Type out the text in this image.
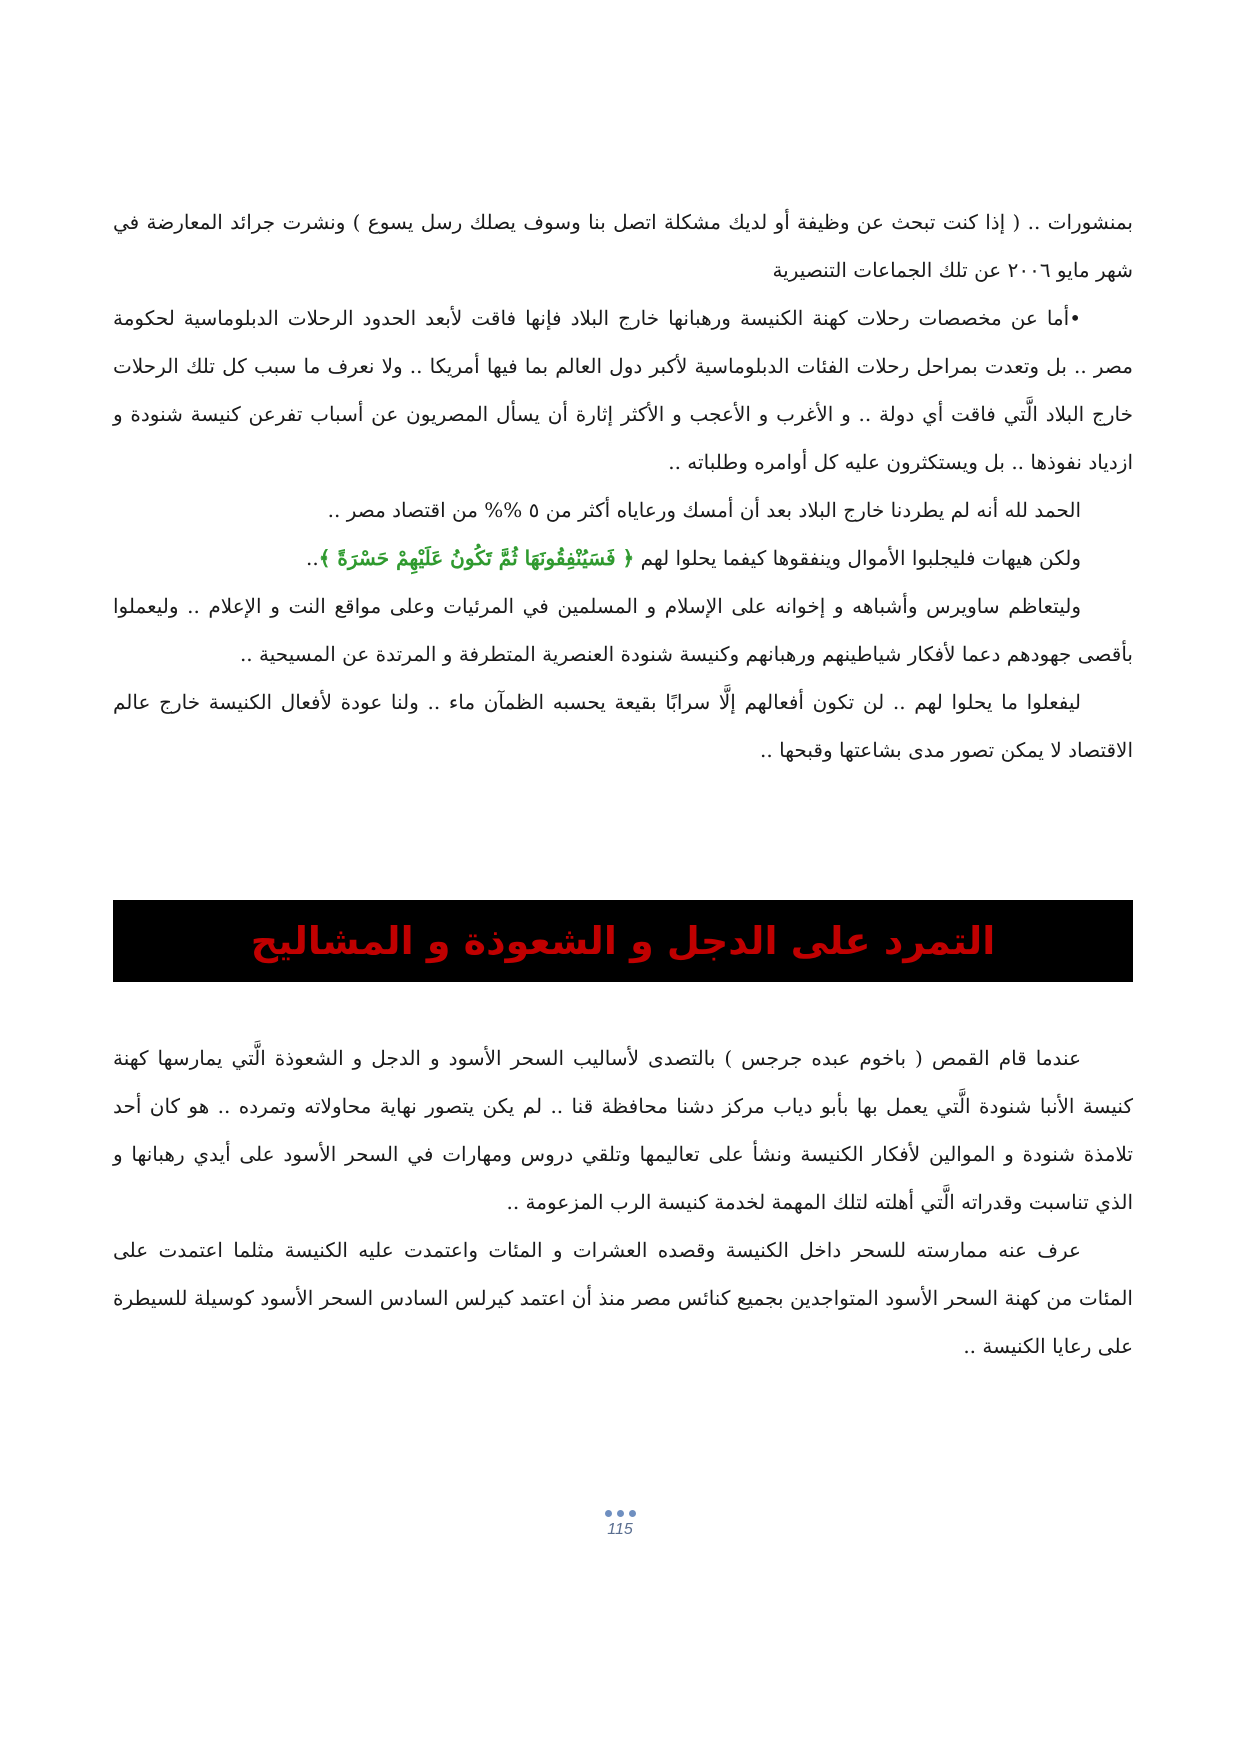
بمنشورات .. ( إذا كنت تبحث عن وظيفة أو لديك مشكلة اتصل بنا وسوف يصلك رسل يسوع ) ونشرت جرائد المعارضة في شهر مايو ٢٠٠٦ عن تلك الجماعات التنصيرية

•أما عن مخصصات رحلات كهنة الكنيسة ورهبانها خارج البلاد فإنها فاقت لأبعد الحدود الرحلات الدبلوماسية لحكومة مصر .. بل وتعدت بمراحل رحلات الفئات الدبلوماسية لأكبر دول العالم بما فيها أمريكا .. ولا نعرف ما سبب كل تلك الرحلات خارج البلاد الَّتي فاقت أي دولة .. و الأغرب و الأعجب و الأكثر إثارة أن يسأل المصريون عن أسباب تفرعن كنيسة شنودة و ازدياد نفوذها .. بل ويستكثرون عليه كل أوامره وطلباته ..

الحمد لله أنه لم يطردنا خارج البلاد بعد أن أمسك ورعاياه أكثر من ٥ %% من اقتصاد مصر ..

ولكن هيهات فليجلبوا الأموال وينفقوها كيفما يحلوا لهم ﴿ فَسَيُنْفِقُونَهَا ثُمَّ تَكُونُ عَلَيْهِمْ حَسْرَةً ﴾..

وليتعاظم ساويرس وأشباهه و إخوانه على الإسلام و المسلمين في المرئيات وعلى مواقع النت و الإعلام .. وليعملوا بأقصى جهودهم دعما لأفكار شياطينهم ورهبانهم وكنيسة شنودة العنصرية المتطرفة و المرتدة عن المسيحية ..

ليفعلوا ما يحلوا لهم .. لن تكون أفعالهم إلَّا سرابًا بقيعة يحسبه الظمآن ماء .. ولنا عودة لأفعال الكنيسة خارج عالم الاقتصاد لا يمكن تصور مدى بشاعتها وقبحها ..

التمرد على الدجل و الشعوذة و المشاليح

عندما قام القمص ( باخوم عبده جرجس ) بالتصدى لأساليب السحر الأسود و الدجل و الشعوذة الَّتي يمارسها كهنة كنيسة الأنبا شنودة الَّتي يعمل بها بأبو دياب مركز دشنا محافظة قنا .. لم يكن يتصور نهاية محاولاته وتمرده .. هو كان أحد تلامذة شنودة و الموالين لأفكار الكنيسة ونشأ على تعاليمها وتلقي دروس ومهارات في السحر الأسود على أيدي رهبانها و الذي تناسبت وقدراته الَّتي أهلته لتلك المهمة لخدمة كنيسة الرب المزعومة ..

عرف عنه ممارسته للسحر داخل الكنيسة وقصده العشرات و المئات واعتمدت عليه الكنيسة مثلما اعتمدت على المئات من كهنة السحر الأسود المتواجدين بجميع كنائس مصر منذ أن اعتمد كيرلس السادس السحر الأسود كوسيلة للسيطرة على رعايا الكنيسة ..

115
